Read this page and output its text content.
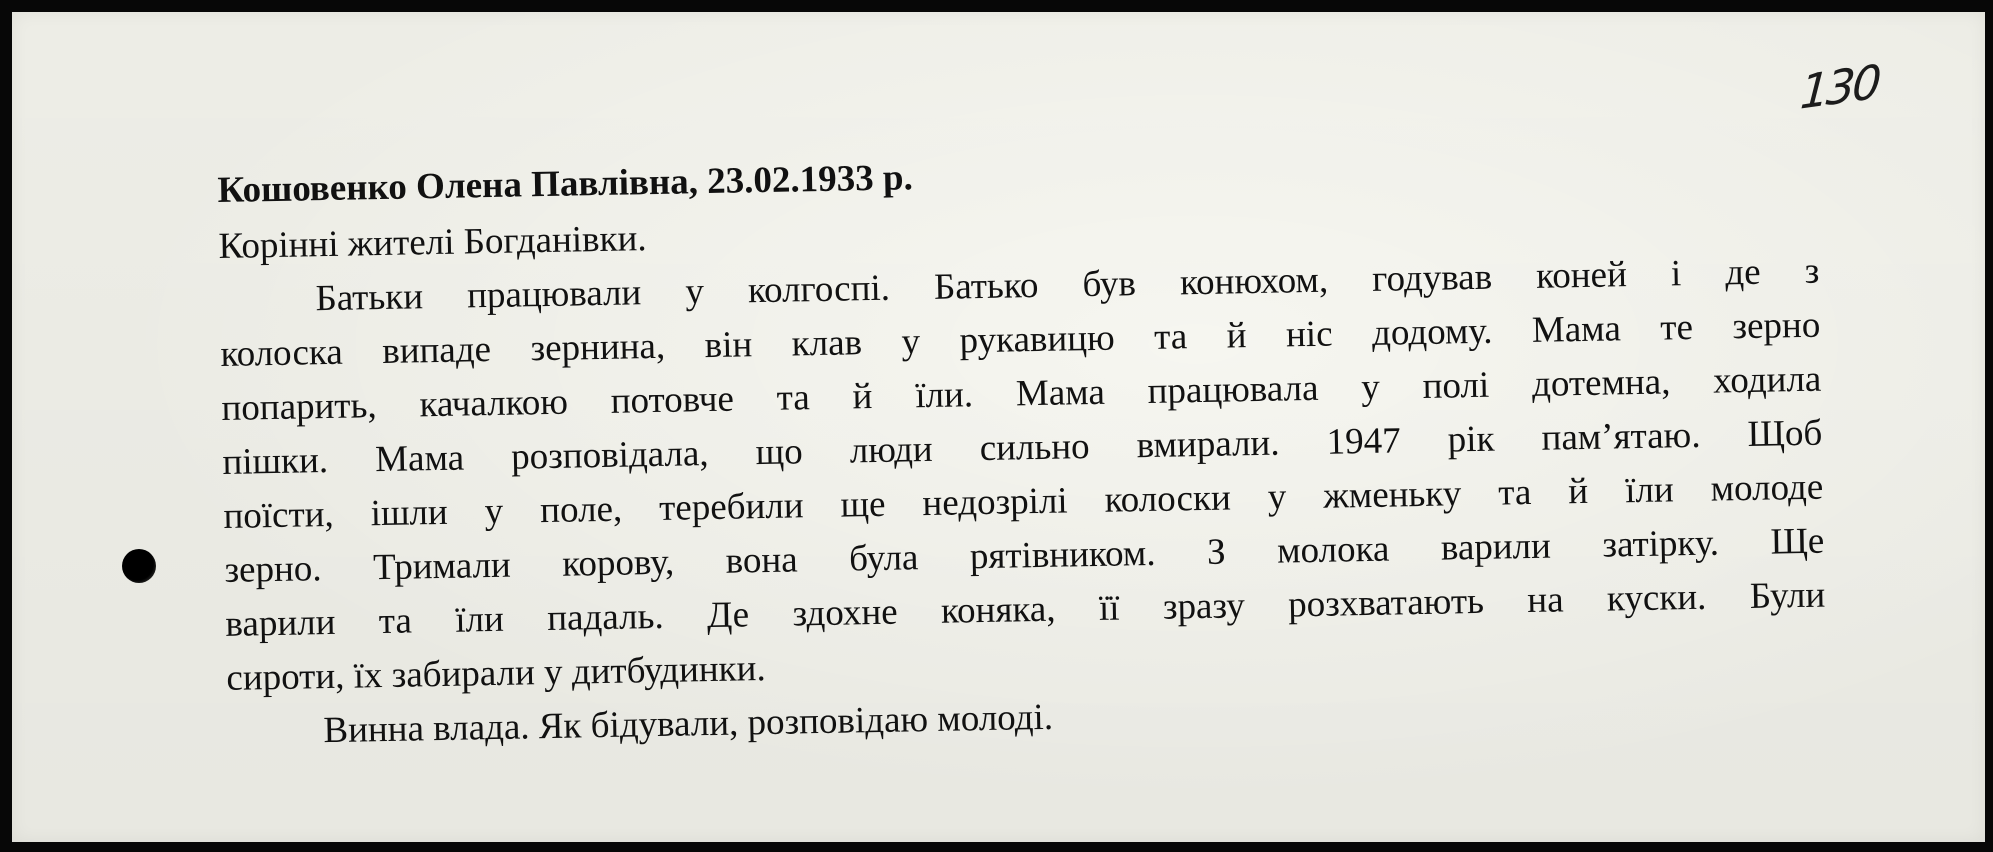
130

Кошовенко Олена Павлівна, 23.02.1933 р.

Корінні жителі Богданівки.

Батьки працювали у колгоспі. Батько був конюхом, годував коней і де з

колоска випаде зернина, він клав у рукавицю та й ніс додому. Мама те зерно

попарить, качалкою потовче та й їли. Мама працювала у полі дотемна, ходила

пішки. Мама розповідала, що люди сильно вмирали. 1947 рік пам’ятаю. Щоб

поїсти, ішли у поле, теребили ще недозрілі колоски у жменьку та й їли молоде

зерно. Тримали корову, вона була рятівником. З молока варили затірку. Ще

варили та їли падаль. Де здохне коняка, її зразу розхватають на куски. Були

сироти, їх забирали у дитбудинки.

Винна влада. Як бідували, розповідаю молоді.
